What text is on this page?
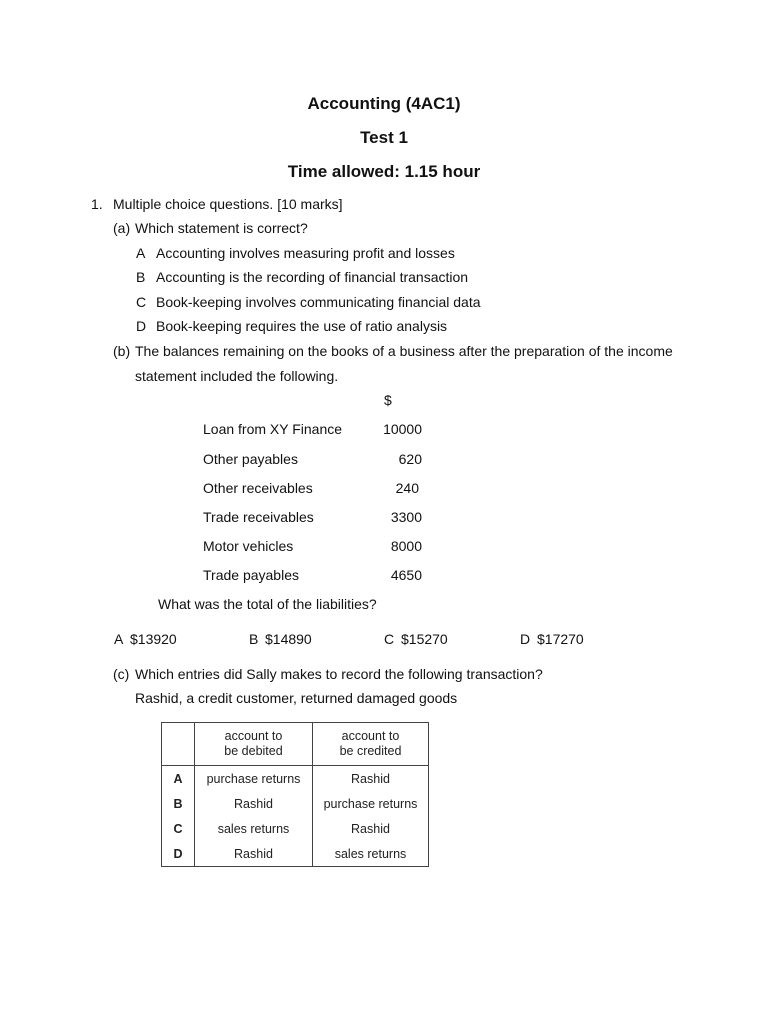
Accounting (4AC1)
Test 1
Time allowed: 1.15 hour
1. Multiple choice questions. [10 marks]
(a) Which statement is correct?
A Accounting involves measuring profit and losses
B Accounting is the recording of financial transaction
C Book-keeping involves communicating financial data
D Book-keeping requires the use of ratio analysis
(b) The balances remaining on the books of a business after the preparation of the income
statement included the following.
$
Loan from XY Finance	10000
Other payables	620
Other receivables	240
Trade receivables	3300
Motor vehicles	8000
Trade payables	4650
What was the total of the liabilities?
A $13920	B $14890	C $15270	D $17270
(c) Which entries did Sally makes to record the following transaction?
Rashid, a credit customer, returned damaged goods
	account to
be debited	account to
be credited
A	purchase returns	Rashid
B	Rashid	purchase returns
C	sales returns	Rashid
D	Rashid	sales returns
